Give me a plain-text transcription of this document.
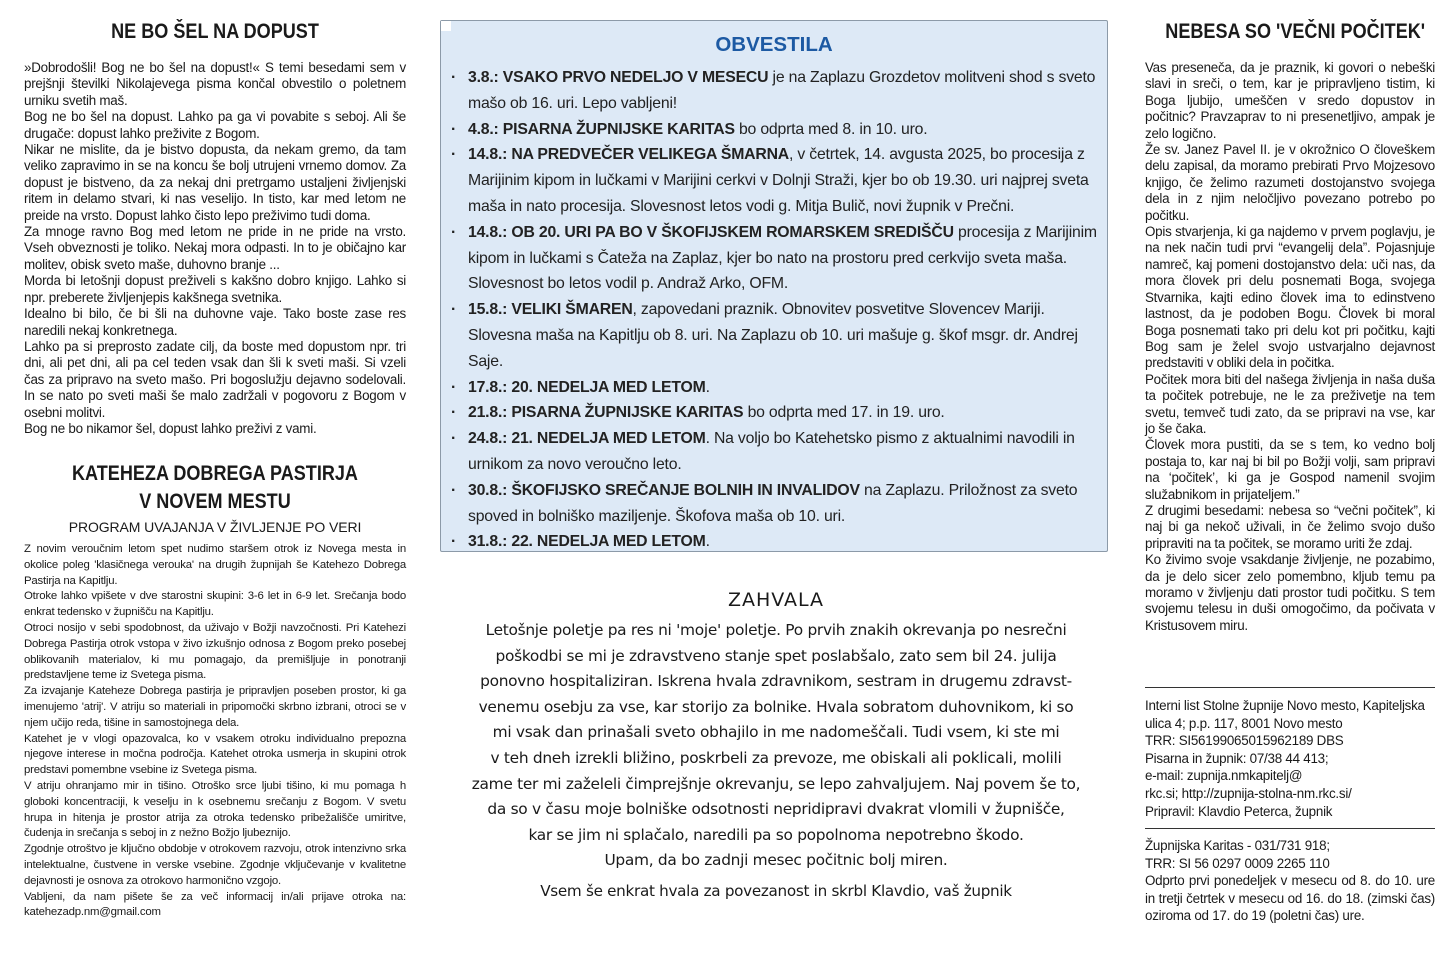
NE BO ŠEL NA DOPUST

»Dobrodošli! Bog ne bo šel na dopust!« S temi besedami sem v prejšnji številki Nikolajevega pisma končal obvestilo o poletnem urniku svetih maš.

Bog ne bo šel na dopust. Lahko pa ga vi povabite s seboj. Ali še drugače: dopust lahko preživite z Bogom.

Nikar ne mislite, da je bistvo dopusta, da nekam gremo, da tam veliko zapravimo in se na koncu še bolj utrujeni vrnemo domov. Za dopust je bistveno, da za nekaj dni pretrgamo ustaljeni življenjski ritem in delamo stvari, ki nas veselijo. In tisto, kar med letom ne preide na vrsto. Dopust lahko čisto lepo preživimo tudi doma.

Za mnoge ravno Bog med letom ne pride in ne pride na vrsto. Vseh obveznosti je toliko. Nekaj mora odpasti. In to je običajno kar molitev, obisk sveto maše, duhovno branje ...

Morda bi letošnji dopust preživeli s kakšno dobro knjigo. Lahko si npr. preberete življenjepis kakšnega svetnika.

Idealno bi bilo, če bi šli na duhovne vaje. Tako boste zase res naredili nekaj konkretnega.

Lahko pa si preprosto zadate cilj, da boste med dopustom npr. tri dni, ali pet dni, ali pa cel teden vsak dan šli k sveti maši. Si vzeli čas za pripravo na sveto mašo. Pri bogoslužju dejavno sodelovali. In se nato po sveti maši še malo zadržali v pogovoru z Bogom v osebni molitvi.

Bog ne bo nikamor šel, dopust lahko preživi z vami.

KATEHEZA DOBREGA PASTIRJA
V NOVEM MESTU
PROGRAM UVAJANJA V ŽIVLJENJE PO VERI

Z novim veroučnim letom spet nudimo staršem otrok iz Novega mesta in okolice poleg 'klasičnega verouka' na drugih župnijah še Katehezo Dobrega Pastirja na Kapitlju.

Otroke lahko vpišete v dve starostni skupini: 3-6 let in 6-9 let. Srečanja bodo enkrat tedensko v župnišču na Kapitlju.

Otroci nosijo v sebi spodobnost, da uživajo v Božji navzočnosti. Pri Katehezi Dobrega Pastirja otrok vstopa v živo izkušnjo odnosa z Bogom preko posebej oblikovanih materialov, ki mu pomagajo, da premišljuje in ponotranji predstavljene teme iz Svetega pisma.

Za izvajanje Kateheze Dobrega pastirja je pripravljen poseben prostor, ki ga imenujemo 'atrij'. V atriju so materiali in pripomočki skrbno izbrani, otroci se v njem učijo reda, tišine in samostojnega dela.

Katehet je v vlogi opazovalca, ko v vsakem otroku individualno prepozna njegove interese in močna področja. Katehet otroka usmerja in skupini otrok predstavi pomembne vsebine iz Svetega pisma.

V atriju ohranjamo mir in tišino. Otroško srce ljubi tišino, ki mu pomaga h globoki koncentraciji, k veselju in k osebnemu srečanju z Bogom. V svetu hrupa in hitenja je prostor atrija za otroka tedensko pribežališče umiritve, čudenja in srečanja s seboj in z nežno Božjo ljubeznijo.

Zgodnje otroštvo je ključno obdobje v otrokovem razvoju, otrok intenzivno srka intelektualne, čustvene in verske vsebine. Zgodnje vključevanje v kvalitetne dejavnosti je osnova za otrokovo harmonično vzgojo.

Vabljeni, da nam pišete še za več informacij in/ali prijave otroka na: katehezadp.nm@gmail.com

OBVESTILA
· 3.8.: VSAKO PRVO NEDELJO V MESECU je na Zaplazu Grozdetov molitveni shod s sveto mašo ob 16. uri. Lepo vabljeni!
· 4.8.: PISARNA ŽUPNIJSKE KARITAS bo odprta med 8. in 10. uro.
· 14.8.: NA PREDVEČER VELIKEGA ŠMARNA, v četrtek, 14. avgusta 2025, bo procesija z Marijinim kipom in lučkami v Marijini cerkvi v Dolnji Straži, kjer bo ob 19.30. uri najprej sveta maša in nato procesija. Slovesnost letos vodi g. Mitja Bulič, novi župnik v Prečni.
· 14.8.: OB 20. URI PA BO V ŠKOFIJSKEM ROMARSKEM SREDIŠČU procesija z Marijinim kipom in lučkami s Čateža na Zaplaz, kjer bo nato na prostoru pred cerkvijo sveta maša. Slovesnost bo letos vodil p. Andraž Arko, OFM.
· 15.8.: VELIKI ŠMAREN, zapovedani praznik. Obnovitev posvetitve Slovencev Mariji. Slovesna maša na Kapitlju ob 8. uri. Na Zaplazu ob 10. uri mašuje g. škof msgr. dr. Andrej Saje.
· 17.8.: 20. NEDELJA MED LETOM.
· 21.8.: PISARNA ŽUPNIJSKE KARITAS bo odprta med 17. in 19. uro.
· 24.8.: 21. NEDELJA MED LETOM. Na voljo bo Katehetsko pismo z aktualnimi navodili in urnikom za novo veroučno leto.
· 30.8.: ŠKOFIJSKO SREČANJE BOLNIH IN INVALIDOV na Zaplazu. Priložnost za sveto spoved in bolniško maziljenje. Škofova maša ob 10. uri.
· 31.8.: 22. NEDELJA MED LETOM.
ZAHVALA
Letošnje poletje pa res ni 'moje' poletje. Po prvih znakih okrevanja po nesrečni
poškodbi se mi je zdravstveno stanje spet poslabšalo, zato sem bil 24. julija
ponovno hospitaliziran. Iskrena hvala zdravnikom, sestram in drugemu zdravst-
venemu osebju za vse, kar storijo za bolnike. Hvala sobratom duhovnikom, ki so
mi vsak dan prinašali sveto obhajilo in me nadomeščali. Tudi vsem, ki ste mi
v teh dneh izrekli bližino, poskrbeli za prevoze, me obiskali ali poklicali, molili
zame ter mi zaželeli čimprejšnje okrevanju, se lepo zahvaljujem. Naj povem še to,
da so v času moje bolniške odsotnosti nepridipravi dvakrat vlomili v župnišče,
kar se jim ni splačalo, naredili pa so popolnoma nepotrebno škodo.
Upam, da bo zadnji mesec počitnic bolj miren.
Vsem še enkrat hvala za povezanost in skrbl Klavdio, vaš župnik
NEBESA SO 'VEČNI POČITEK'

Vas preseneča, da je praznik, ki govori o nebeški slavi in sreči, o tem, kar je pripravljeno tistim, ki Boga ljubijo, umeščen v sredo dopustov in počitnic? Pravzaprav to ni presenetljivo, ampak je zelo logično.

Že sv. Janez Pavel II. je v okrožnico O človeškem delu zapisal, da moramo prebirati Prvo Mojzesovo knjigo, če želimo razumeti dostojanstvo svojega dela in z njim neločljivo povezano potrebo po počitku.

Opis stvarjenja, ki ga najdemo v prvem poglavju, je na nek način tudi prvi “evangelij dela”. Pojasnjuje namreč, kaj pomeni dostojanstvo dela: uči nas, da mora človek pri delu posnemati Boga, svojega Stvarnika, kajti edino človek ima to edinstveno lastnost, da je podoben Bogu. Človek bi moral Boga posnemati tako pri delu kot pri počitku, kajti Bog sam je želel svojo ustvarjalno dejavnost predstaviti v obliki dela in počitka.

Počitek mora biti del našega življenja in naša duša ta počitek potrebuje, ne le za preživetje na tem svetu, temveč tudi zato, da se pripravi na vse, kar jo še čaka.

Človek mora pustiti, da se s tem, ko vedno bolj postaja to, kar naj bi bil po Božji volji, sam pripravi na ‘počitek’, ki ga je Gospod namenil svojim služabnikom in prijateljem.”

Z drugimi besedami: nebesa so “večni počitek”, ki naj bi ga nekoč uživali, in če želimo svojo dušo pripraviti na ta počitek, se moramo uriti že zdaj.

Ko živimo svoje vsakdanje življenje, ne pozabimo, da je delo sicer zelo pomembno, kljub temu pa moramo v življenju dati prostor tudi počitku. S tem svojemu telesu in duši omogočimo, da počivata v Kristusovem miru.

Interni list Stolne župnije Novo mesto, Kapiteljska
ulica 4; p.p. 117, 8001 Novo mesto
TRR: SI56199065015962189 DBS
Pisarna in župnik: 07/38 44 413;
e-mail: zupnija.nmkapitelj@
rkc.si; http://zupnija-stolna-nm.rkc.si/
Pripravil: Klavdio Peterca, župnik
Župnijska Karitas - 031/731 918;
TRR: SI 56 0297 0009 2265 110

Odprto prvi ponedeljek v mesecu od 8. do 10. ure in tretji četrtek v mesecu od 16. do 18. (zimski čas) oziroma od 17. do 19 (poletni čas) ure.
